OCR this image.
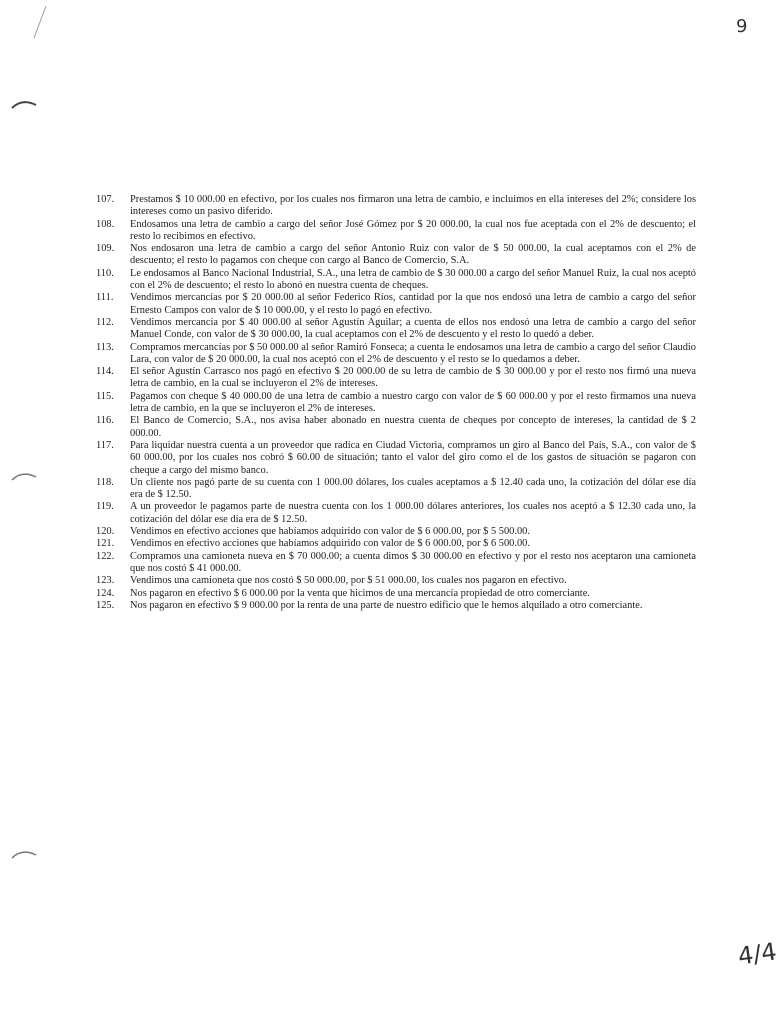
9
107.	Prestamos $ 10 000.00 en efectivo, por los cuales nos firmaron una letra de cambio, e incluimos en ella intereses del 2%; considere los intereses como un pasivo diferido.
108.	Endosamos una letra de cambio a cargo del señor José Gómez por $ 20 000.00, la cual nos fue aceptada con el 2% de descuento; el resto lo recibimos en efectivo.
109.	Nos endosaron una letra de cambio a cargo del señor Antonio Ruiz con valor de $ 50 000.00, la cual aceptamos con el 2% de descuento; el resto lo pagamos con cheque con cargo al Banco de Comercio, S.A.
110.	Le endosamos al Banco Nacional Industrial, S.A., una letra de cambio de $ 30 000.00 a cargo del señor Manuel Ruiz, la cual nos aceptó con el 2% de descuento; el resto lo abonó en nuestra cuenta de cheques.
111.	Vendimos mercancías por $ 20 000.00 al señor Federico Ríos, cantidad por la que nos endosó una letra de cambio a cargo del señor Ernesto Campos con valor de $ 10 000.00, y el resto lo pagó en efectivo.
112.	Vendimos mercancía por $ 40 000.00 al señor Agustín Aguilar; a cuenta de ellos nos endosó una letra de cambio a cargo del señor Manuel Conde, con valor de $ 30 000.00, la cual aceptamos con el 2% de descuento y el resto lo quedó a deber.
113.	Compramos mercancías por $ 50 000.00 al señor Ramiró Fonseca; a cuenta le endosamos una letra de cambio a cargo del señor Claudio Lara, con valor de $ 20 000.00, la cual nos aceptó con el 2% de descuento y el resto se lo quedamos a deber.
114.	El señor Agustín Carrasco nos pagó en efectivo $ 20 000.00 de su letra de cambio de $ 30 000.00 y por el resto nos firmó una nueva letra de cambio, en la cual se incluyeron el 2% de intereses.
115.	Pagamos con cheque $ 40 000.00 de una letra de cambio a nuestro cargo con valor de $ 60 000.00 y por el resto firmamos una nueva letra de cambio, en la que se incluyeron el 2% de intereses.
116.	El Banco de Comercio, S.A., nos avisa haber abonado en nuestra cuenta de cheques por concepto de intereses, la cantidad de $ 2 000.00.
117.	Para liquidar nuestra cuenta a un proveedor que radica en Ciudad Victoria, compramos un giro al Banco del País, S.A., con valor de $ 60 000.00, por los cuales nos cobró $ 60.00 de situación; tanto el valor del giro como el de los gastos de situación se pagaron con cheque a cargo del mismo banco.
118.	Un cliente nos pagó parte de su cuenta con 1 000.00 dólares, los cuales aceptamos a $ 12.40 cada uno, la cotización del dólar ese día era de $ 12.50.
119.	A un proveedor le pagamos parte de nuestra cuenta con los 1 000.00 dólares anteriores, los cuales nos aceptó a $ 12.30 cada uno, la cotización del dólar ese día era de $ 12.50.
120.	Vendimos en efectivo acciones que habíamos adquirido con valor de $ 6 000.00, por $ 5 500.00.
121.	Vendimos en efectivo acciones que habíamos adquirido con valor de $ 6 000.00, por $ 6 500.00.
122.	Compramos una camioneta nueva en $ 70 000.00; a cuenta dimos $ 30 000.00 en efectivo y por el resto nos aceptaron una camioneta que nos costó $ 41 000.00.
123.	Vendimos una camioneta que nos costó $ 50 000.00, por $ 51 000.00, los cuales nos pagaron en efectivo.
124.	Nos pagaron en efectivo $ 6 000.00 por la venta que hicimos de una mercancía propiedad de otro comerciante.
125.	Nos pagaron en efectivo $ 9 000.00 por la renta de una parte de nuestro edificio que le hemos alquilado a otro comerciante.
4/4
